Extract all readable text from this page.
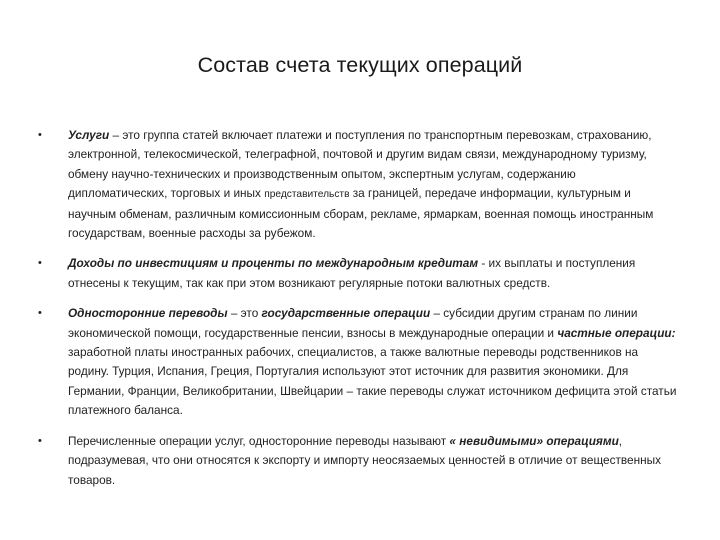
Состав счета текущих операций
•	Услуги – это группа статей включает платежи и поступления по транспортным перевозкам, страхованию, электронной, телекосмической, телеграфной, почтовой и другим видам связи, международному туризму, обмену научно-технических и производственным опытом, экспертным услугам, содержанию дипломатических, торговых и иных представительств за границей, передаче информации, культурным и научным обменам, различным комиссионным сборам, рекламе, ярмаркам, военная помощь иностранным государствам, военные расходы за рубежом.
•	Доходы по инвестициям и проценты по международным кредитам - их выплаты и поступления отнесены к текущим, так как при этом возникают регулярные потоки валютных средств.
•	Односторонние переводы – это государственные операции – субсидии другим странам по линии экономической помощи, государственные пенсии, взносы в международные операции и частные операции: заработной платы иностранных рабочих, специалистов, а также валютные переводы родственников на родину. Турция, Испания, Греция, Португалия используют этот источник для развития экономики. Для Германии, Франции, Великобритании, Швейцарии – такие переводы служат источником дефицита этой статьи платежного баланса.
•	Перечисленные операции услуг, односторонние переводы называют « невидимыми» операциями, подразумевая, что они относятся к экспорту и импорту неосязаемых ценностей в отличие от вещественных товаров.
